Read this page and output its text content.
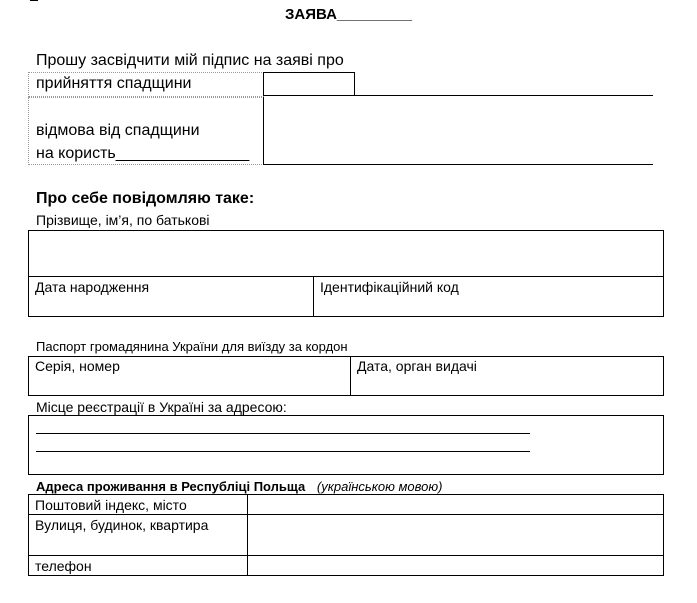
ЗАЯВА_________
Прошу засвідчити мій підпис на заяві про
прийняття спадщини
відмова від спадщини
на користь_______________
Про себе повідомляю таке:
Прізвище, ім’я, по батькові
Дата народження	Ідентифікаційний код
Паспорт громадянина України для виїзду за кордон
Серія, номер	Дата, орган видачі
Місце реєстрації в Україні за адресою:
Адреса проживання в Республіці Польща (українською мовою)
Поштовий індекс, місто
Вулиця, будинок, квартира
телефон
